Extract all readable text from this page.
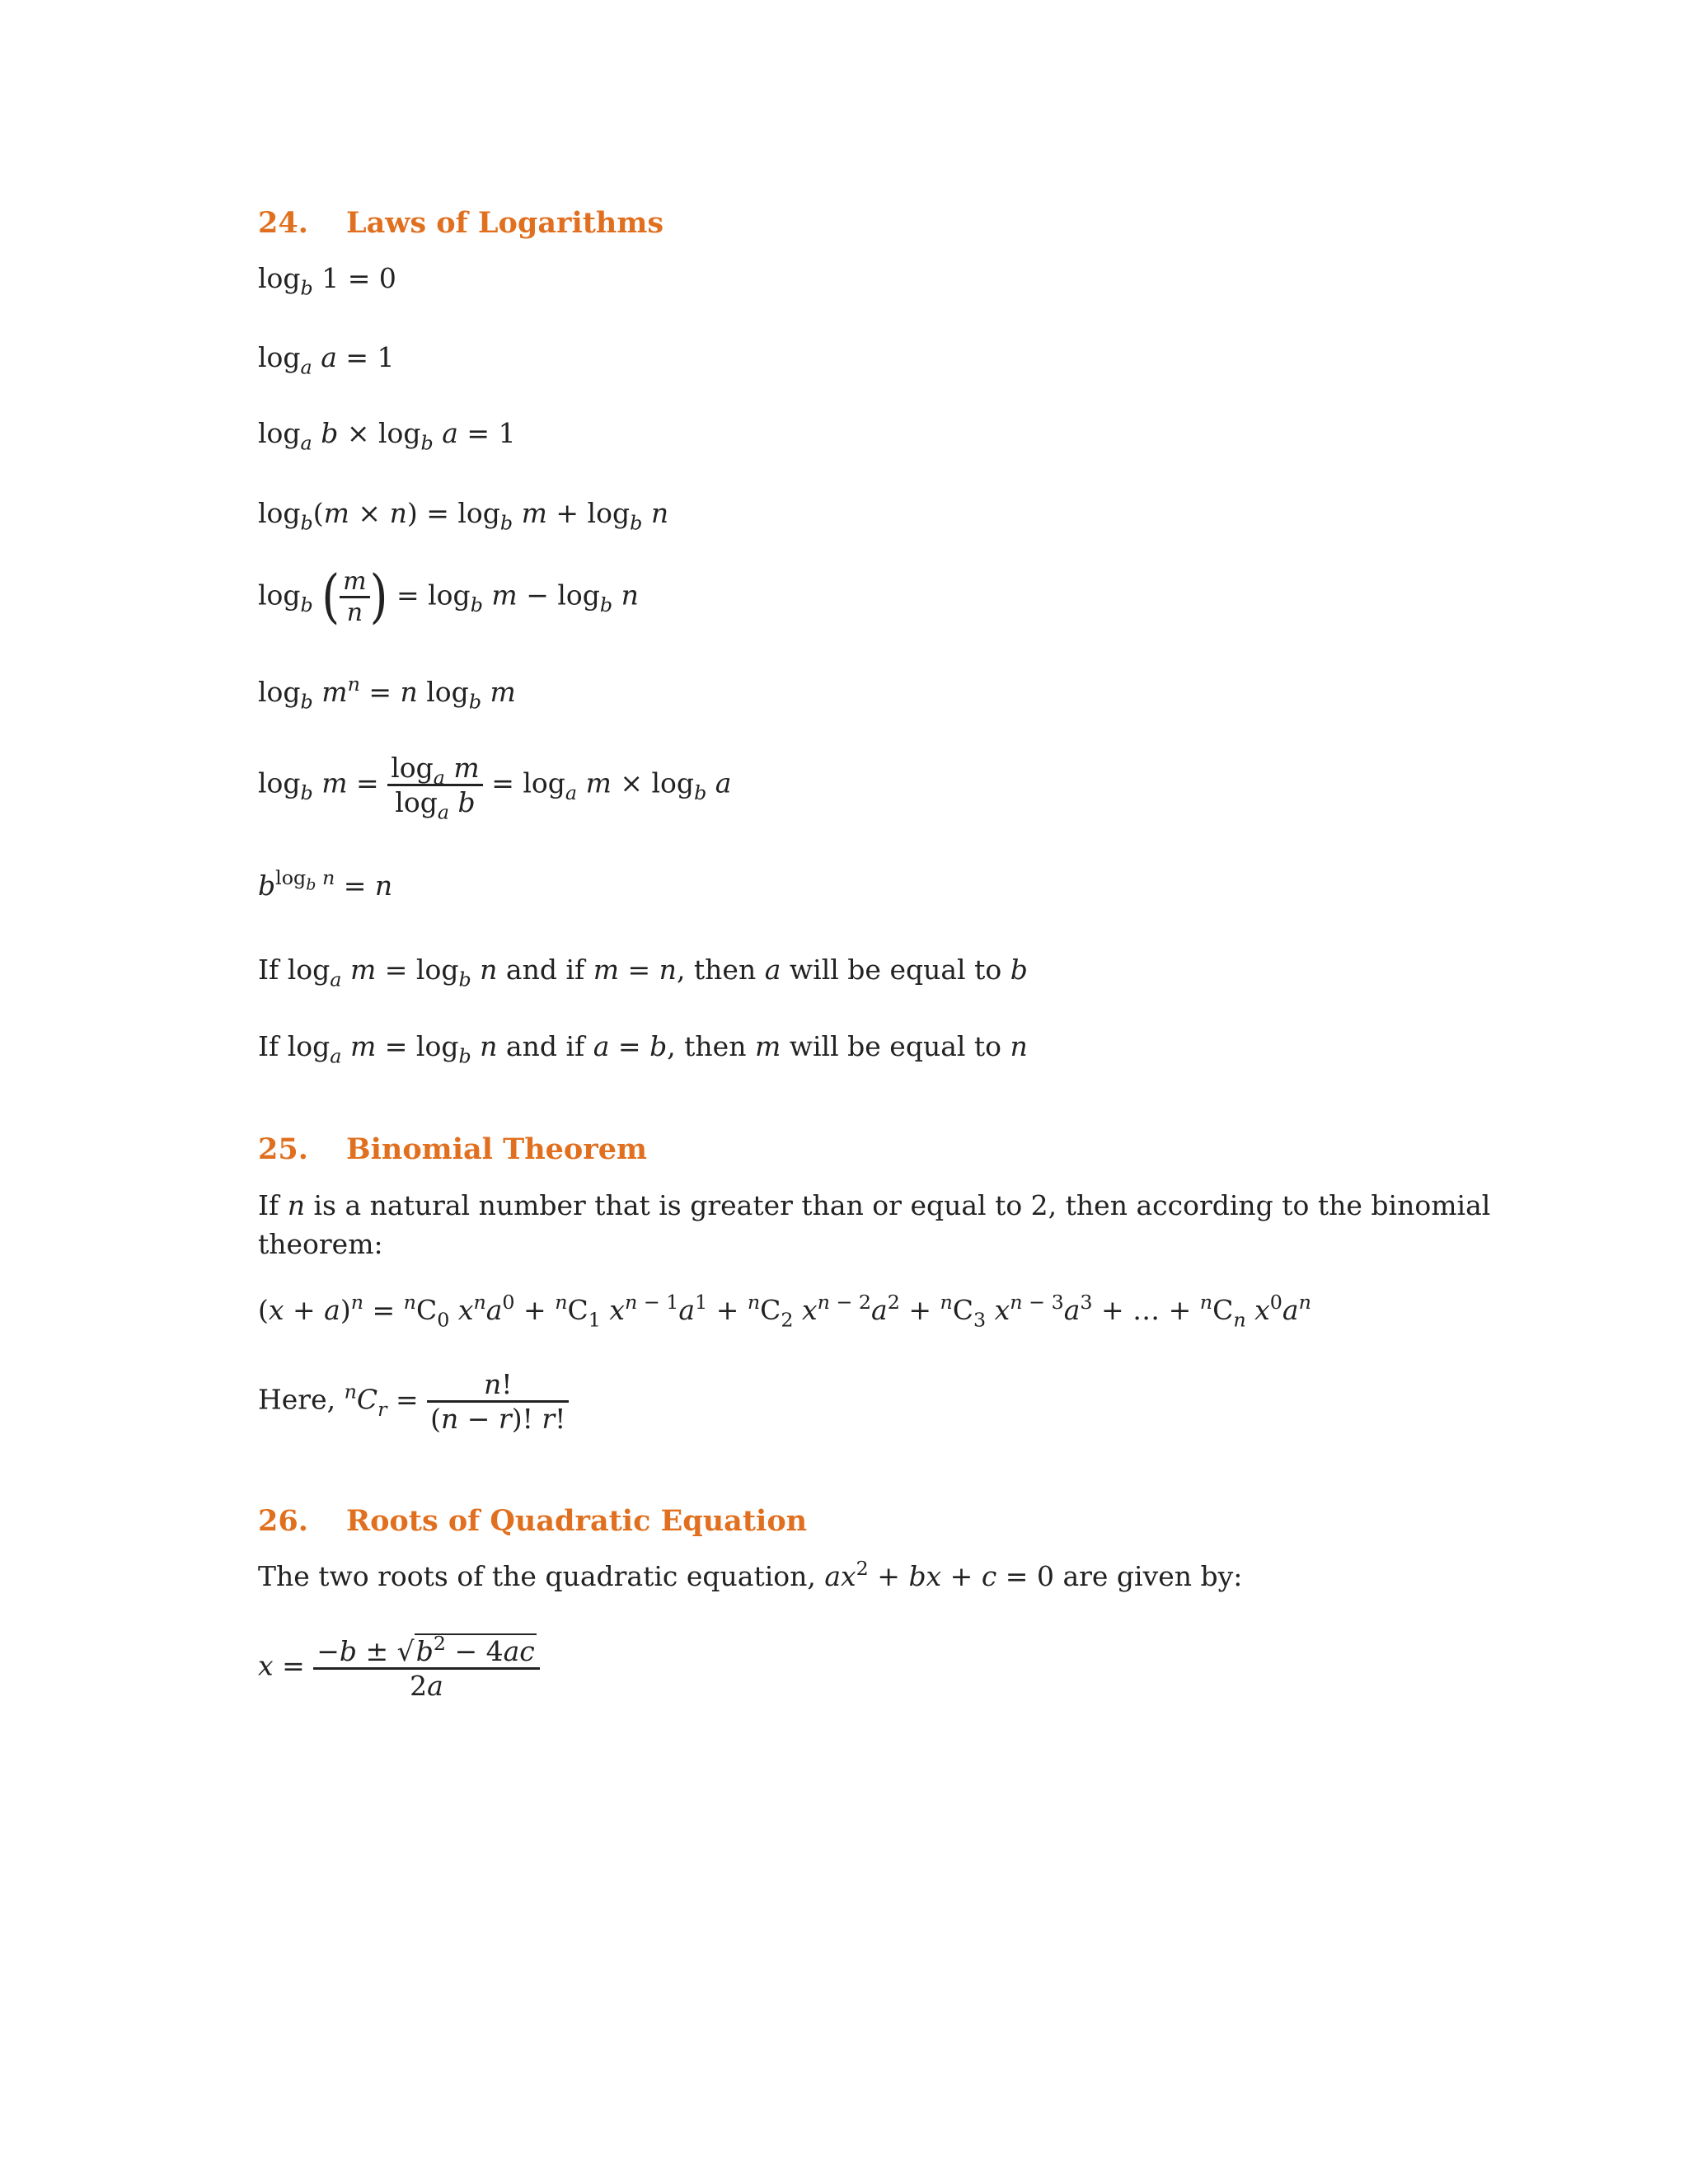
24. Laws of Logarithms
$\log_b 1 = 0$
$\log_a a = 1$
$\log_a b \times \log_b a = 1$
$\log_b(m \times n) = \log_b m + \log_b n$
$\log_b$ ( $\frac{m}{n}$ ) = $\log_b m - \log_b n$
$\log_b m^n = n$ $\log_b m$
$\log_b m = \frac{\log_a m}{\log_a b} = \log_a m \times \log_b a$
$b^{log_b n} = n$
If $\log_a m = \log_b n$ and if m = n, then a will be equal to b
If $\log_a m = \log_b n$ and if a = b, then m will be equal to n
25. Binomial Theorem
If n is a natural number that is greater than or equal to 2, then according to the binomial
theorem:
$(x + a)^n = ^nC_0$ $x^na^0 + ^nC_1$ $x^{n - 1}a^1 + ^nC_2$ $x^{n - 2}a^2 + ^nC_3$ $x^{n - 3}a^3$ + … + $^nC_n$ $x^0a^n$
Here, $^nC_r = \frac{n!}{(n - r)! r!}$
26. Roots of Quadratic Equation
The two roots of the quadratic equation, $ax^2$ + bx + c = 0 are given by:
$x = \frac{-b \pm √b^2 - 4ac}{2a}$
